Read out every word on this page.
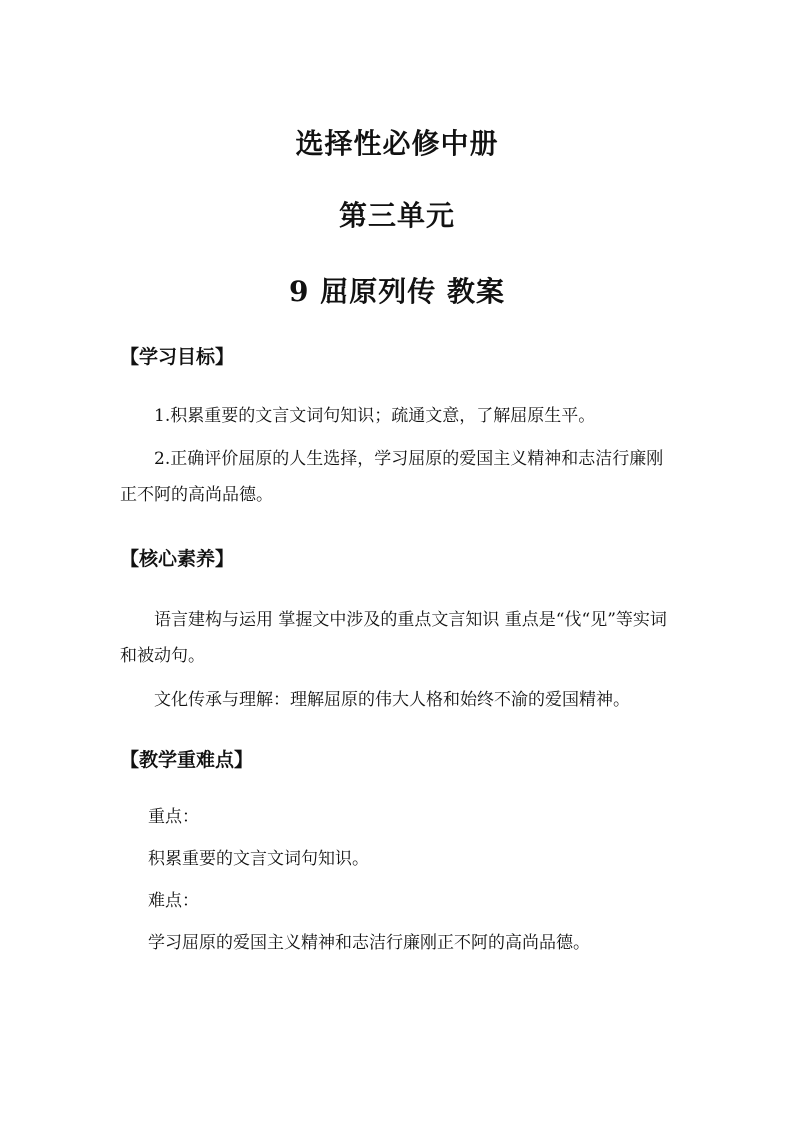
选择性必修中册
第三单元
9 屈原列传 教案
【学习目标】
1.积累重要的文言文词句知识；疏通文意，了解屈原生平。
2.正确评价屈原的人生选择，学习屈原的爱国主义精神和志洁行廉刚正不阿的高尚品德。
【核心素养】
语言建构与运用 掌握文中涉及的重点文言知识 重点是“伐“见”等实词和被动句。
文化传承与理解：理解屈原的伟大人格和始终不渝的爱国精神。
【教学重难点】
重点：
积累重要的文言文词句知识。
难点：
学习屈原的爱国主义精神和志洁行廉刚正不阿的高尚品德。
